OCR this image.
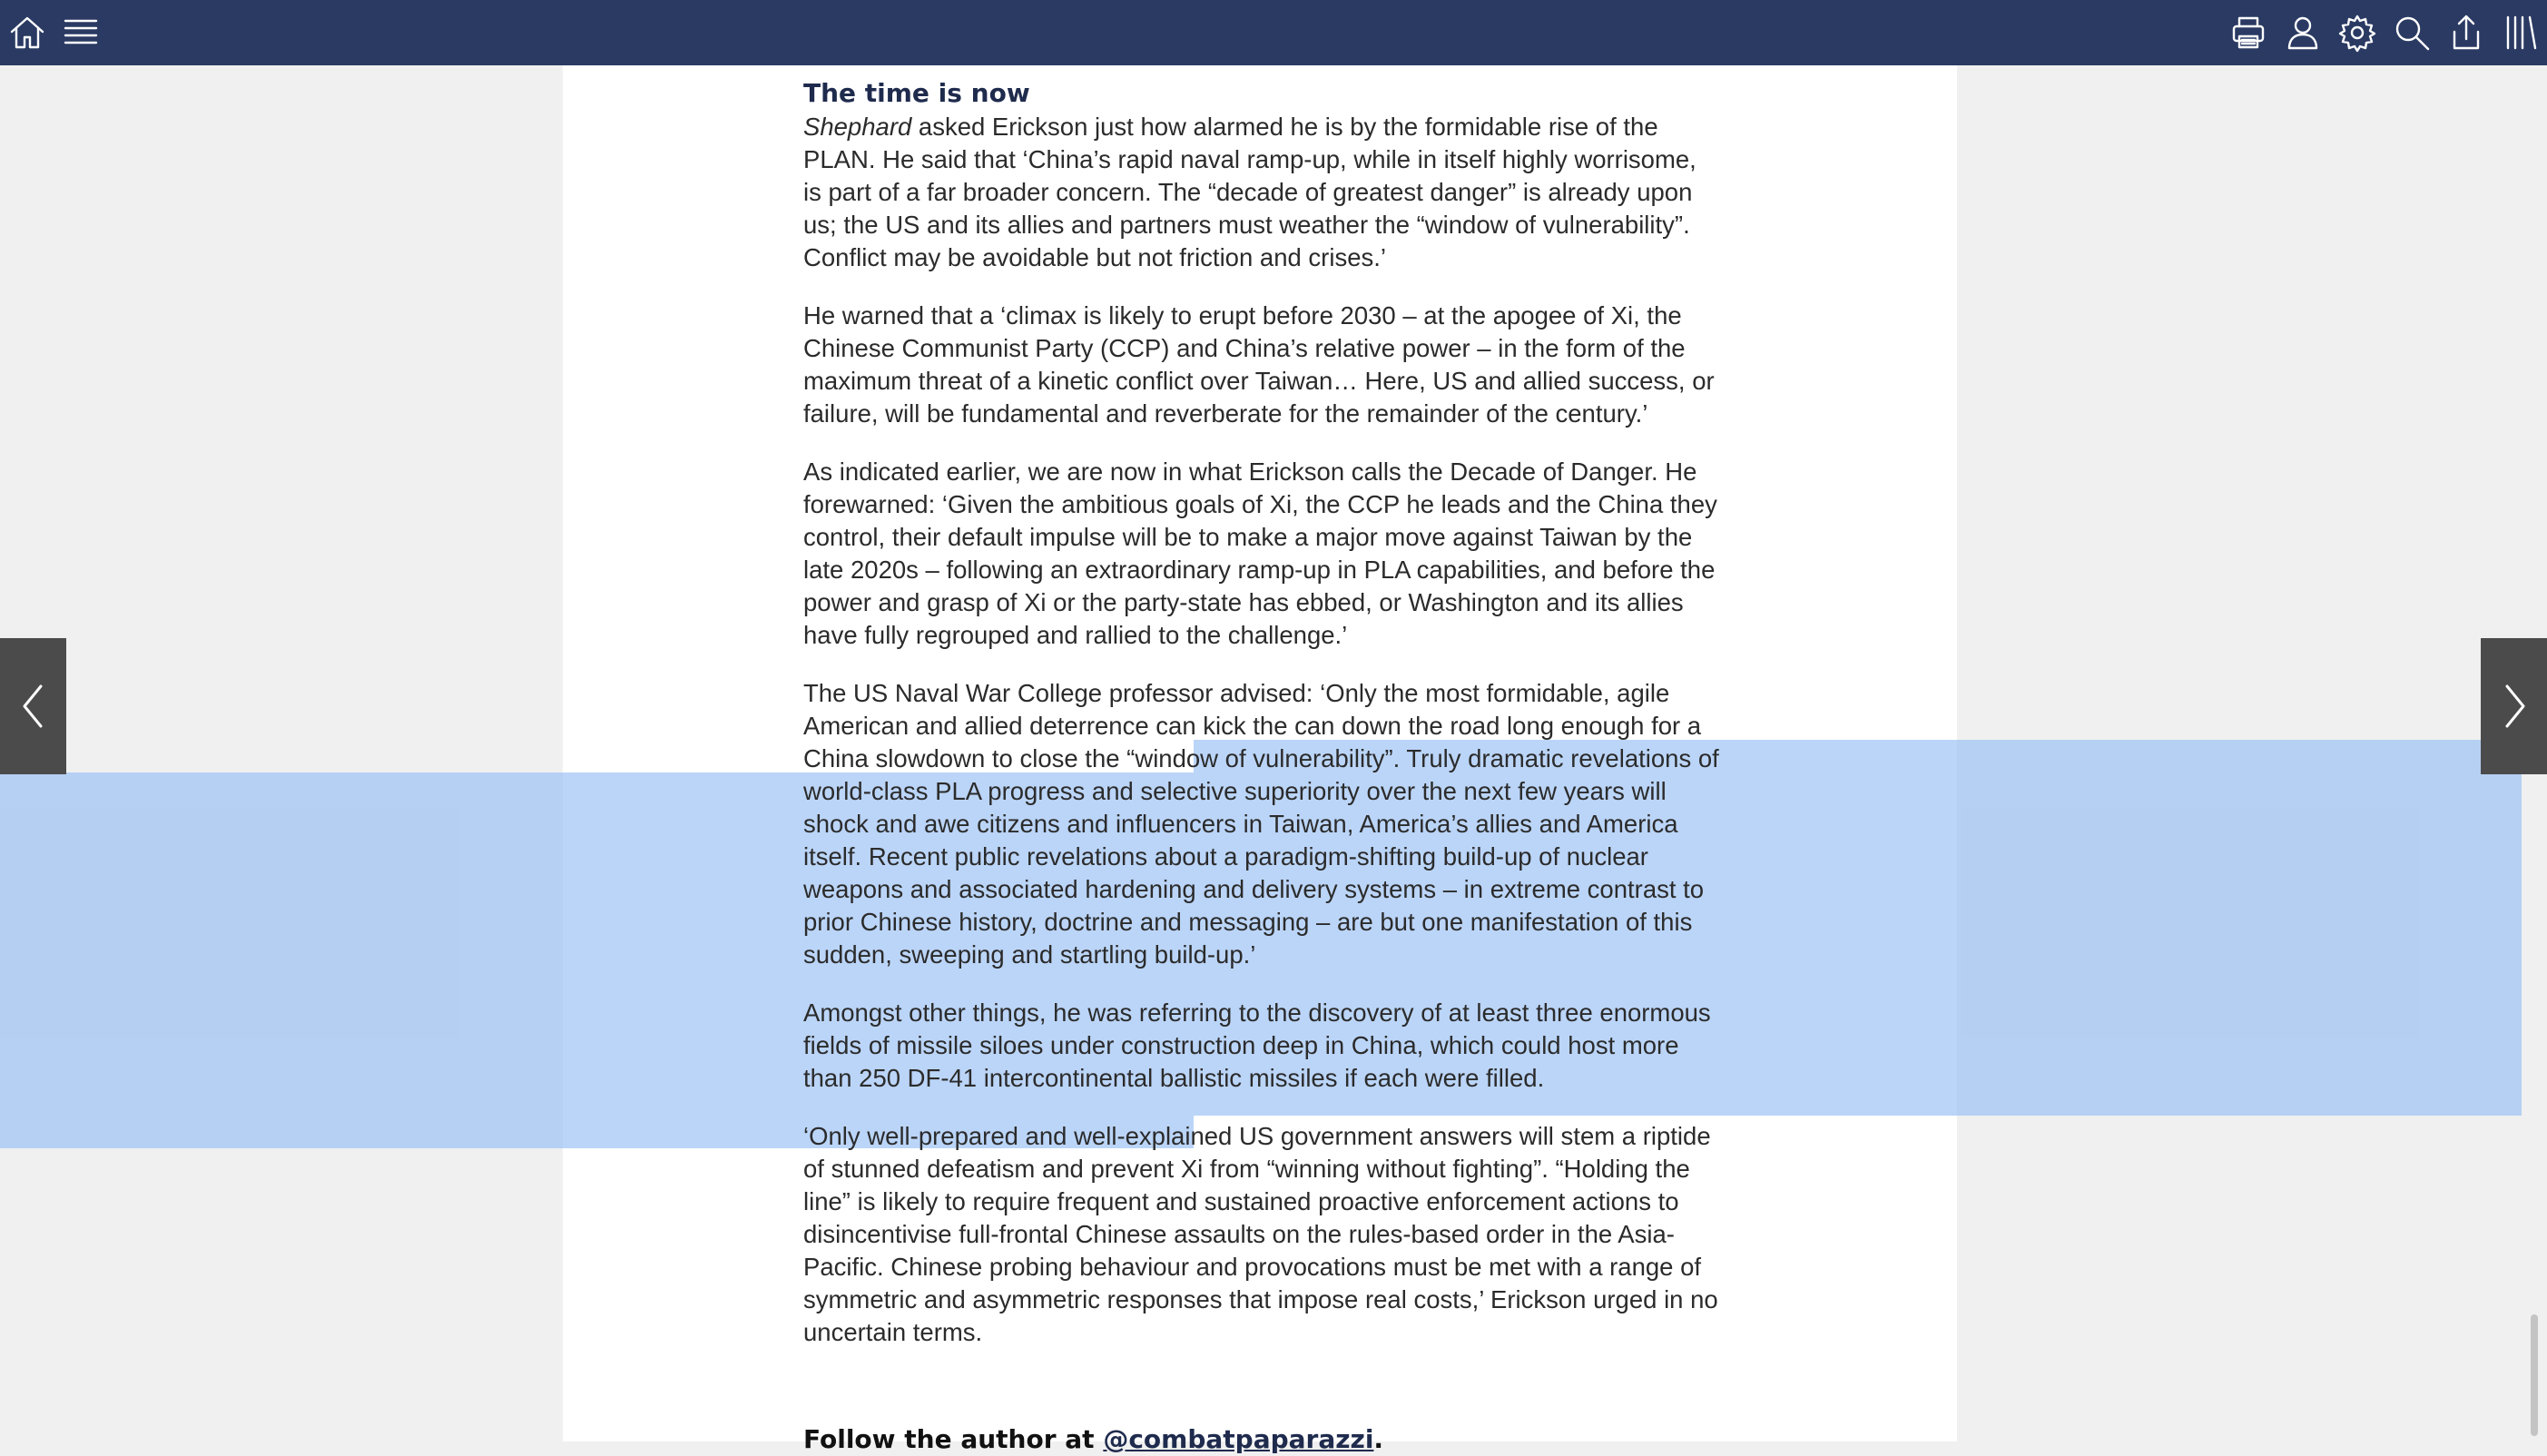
The time is now

Shephard asked Erickson just how alarmed he is by the formidable rise of the PLAN. He said that ‘China’s rapid naval ramp-up, while in itself highly worrisome, is part of a far broader concern. The “decade of greatest danger” is already upon us; the US and its allies and partners must weather the “window of vulnerability”. Conflict may be avoidable but not friction and crises.’

He warned that a ‘climax is likely to erupt before 2030 – at the apogee of Xi, the Chinese Communist Party (CCP) and China’s relative power – in the form of the maximum threat of a kinetic conflict over Taiwan… Here, US and allied success, or failure, will be fundamental and reverberate for the remainder of the century.’

As indicated earlier, we are now in what Erickson calls the Decade of Danger. He forewarned: ‘Given the ambitious goals of Xi, the CCP he leads and the China they control, their default impulse will be to make a major move against Taiwan by the late 2020s – following an extraordinary ramp-up in PLA capabilities, and before the power and grasp of Xi or the party-state has ebbed, or Washington and its allies have fully regrouped and rallied to the challenge.’

The US Naval War College professor advised: ‘Only the most formidable, agile American and allied deterrence can kick the can down the road long enough for a China slowdown to close the “window of vulnerability”. Truly dramatic revelations of world-class PLA progress and selective superiority over the next few years will shock and awe citizens and influencers in Taiwan, America’s allies and America itself. Recent public revelations about a paradigm-shifting build-up of nuclear weapons and associated hardening and delivery systems – in extreme contrast to prior Chinese history, doctrine and messaging – are but one manifestation of this sudden, sweeping and startling build-up.’

Amongst other things, he was referring to the discovery of at least three enormous fields of missile siloes under construction deep in China, which could host more than 250 DF-41 intercontinental ballistic missiles if each were filled.

‘Only well-prepared and well-explained US government answers will stem a riptide of stunned defeatism and prevent Xi from “winning without fighting”. “Holding the line” is likely to require frequent and sustained proactive enforcement actions to disincentivise full-frontal Chinese assaults on the rules-based order in the Asia-Pacific. Chinese probing behaviour and provocations must be met with a range of symmetric and asymmetric responses that impose real costs,’ Erickson urged in no uncertain terms.

Follow the author at @combatpaparazzi.
